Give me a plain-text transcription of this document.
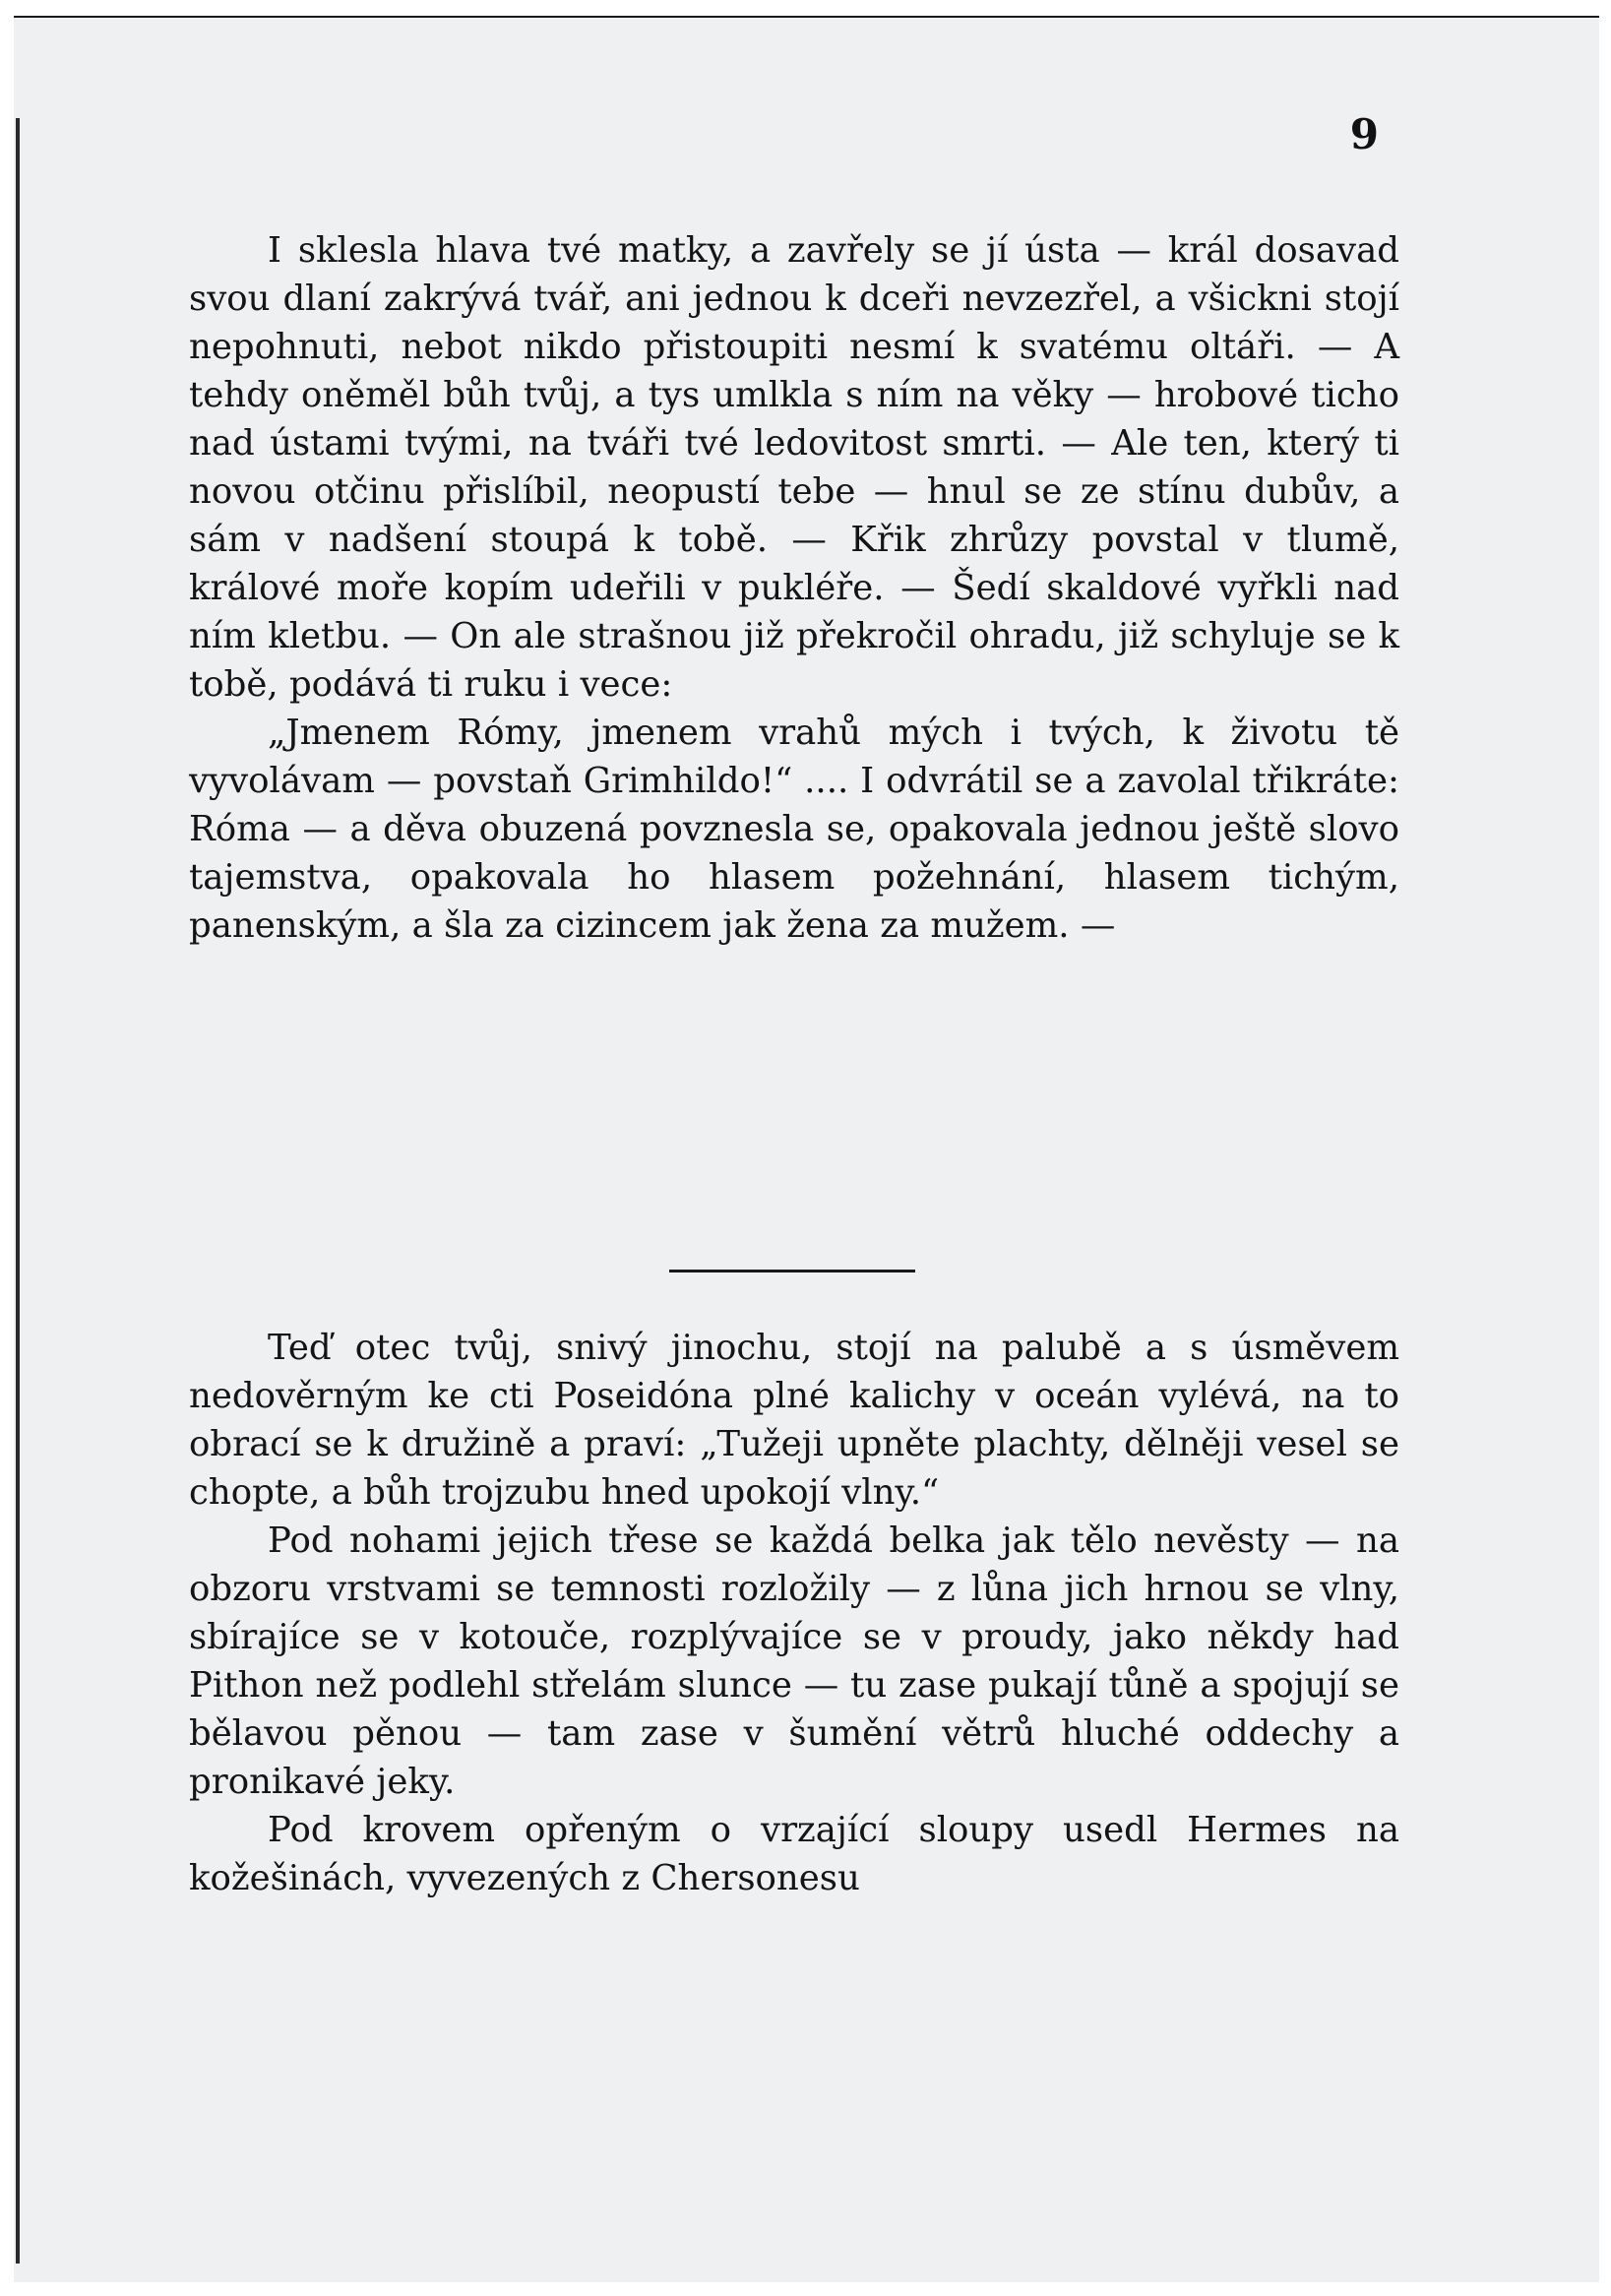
9

I sklesla hlava tvé matky, a zavřely se jí ústa — král dosavad svou dlaní zakrývá tvář, ani jednou k dceři nevzezřel, a všickni stojí nepohnuti, nebot nikdo přistoupiti nesmí k svatému oltáři. — A tehdy oněměl bůh tvůj, a tys umlkla s ním na věky — hrobové ticho nad ústami tvými, na tváři tvé ledovitost smrti. — Ale ten, který ti novou otčinu přislíbil, neopustí tebe — hnul se ze stínu dubův, a sám v nadšení stoupá k tobě. — Křik zhrůzy povstal v tlumě, králové moře kopím udeřili v pukléře. — Šedí skaldové vyřkli nad ním kletbu. — On ale strašnou již překročil ohradu, již schyluje se k tobě, podává ti ruku i vece:

„Jmenem Rómy, jmenem vrahů mých i tvých, k životu tě vyvolávam — povstaň Grimhildo!“ .... I odvrátil se a zavolal třikráte: Róma — a děva obuzená povznesla se, opakovala jednou ještě slovo tajemstva, opakovala ho hlasem požehnání, hlasem tichým, panenským, a šla za cizincem jak žena za mužem. —

Teď otec tvůj, snivý jinochu, stojí na palubě a s úsměvem nedověrným ke cti Poseidóna plné kalichy v oceán vylévá, na to obrací se k družině a praví: „Tužeji upněte plachty, dělněji vesel se chopte, a bůh trojzubu hned upokojí vlny.“

Pod nohami jejich třese se každá belka jak tělo nevěsty — na obzoru vrstvami se temnosti rozložily — z lůna jich hrnou se vlny, sbírajíce se v kotouče, rozplývajíce se v proudy, jako někdy had Pithon než podlehl střelám slunce — tu zase pukají tůně a spojují se bělavou pěnou — tam zase v šumění větrů hluché oddechy a pronikavé jeky.

Pod krovem opřeným o vrzající sloupy usedl Hermes na kožešinách, vyvezených z Chersonesu
